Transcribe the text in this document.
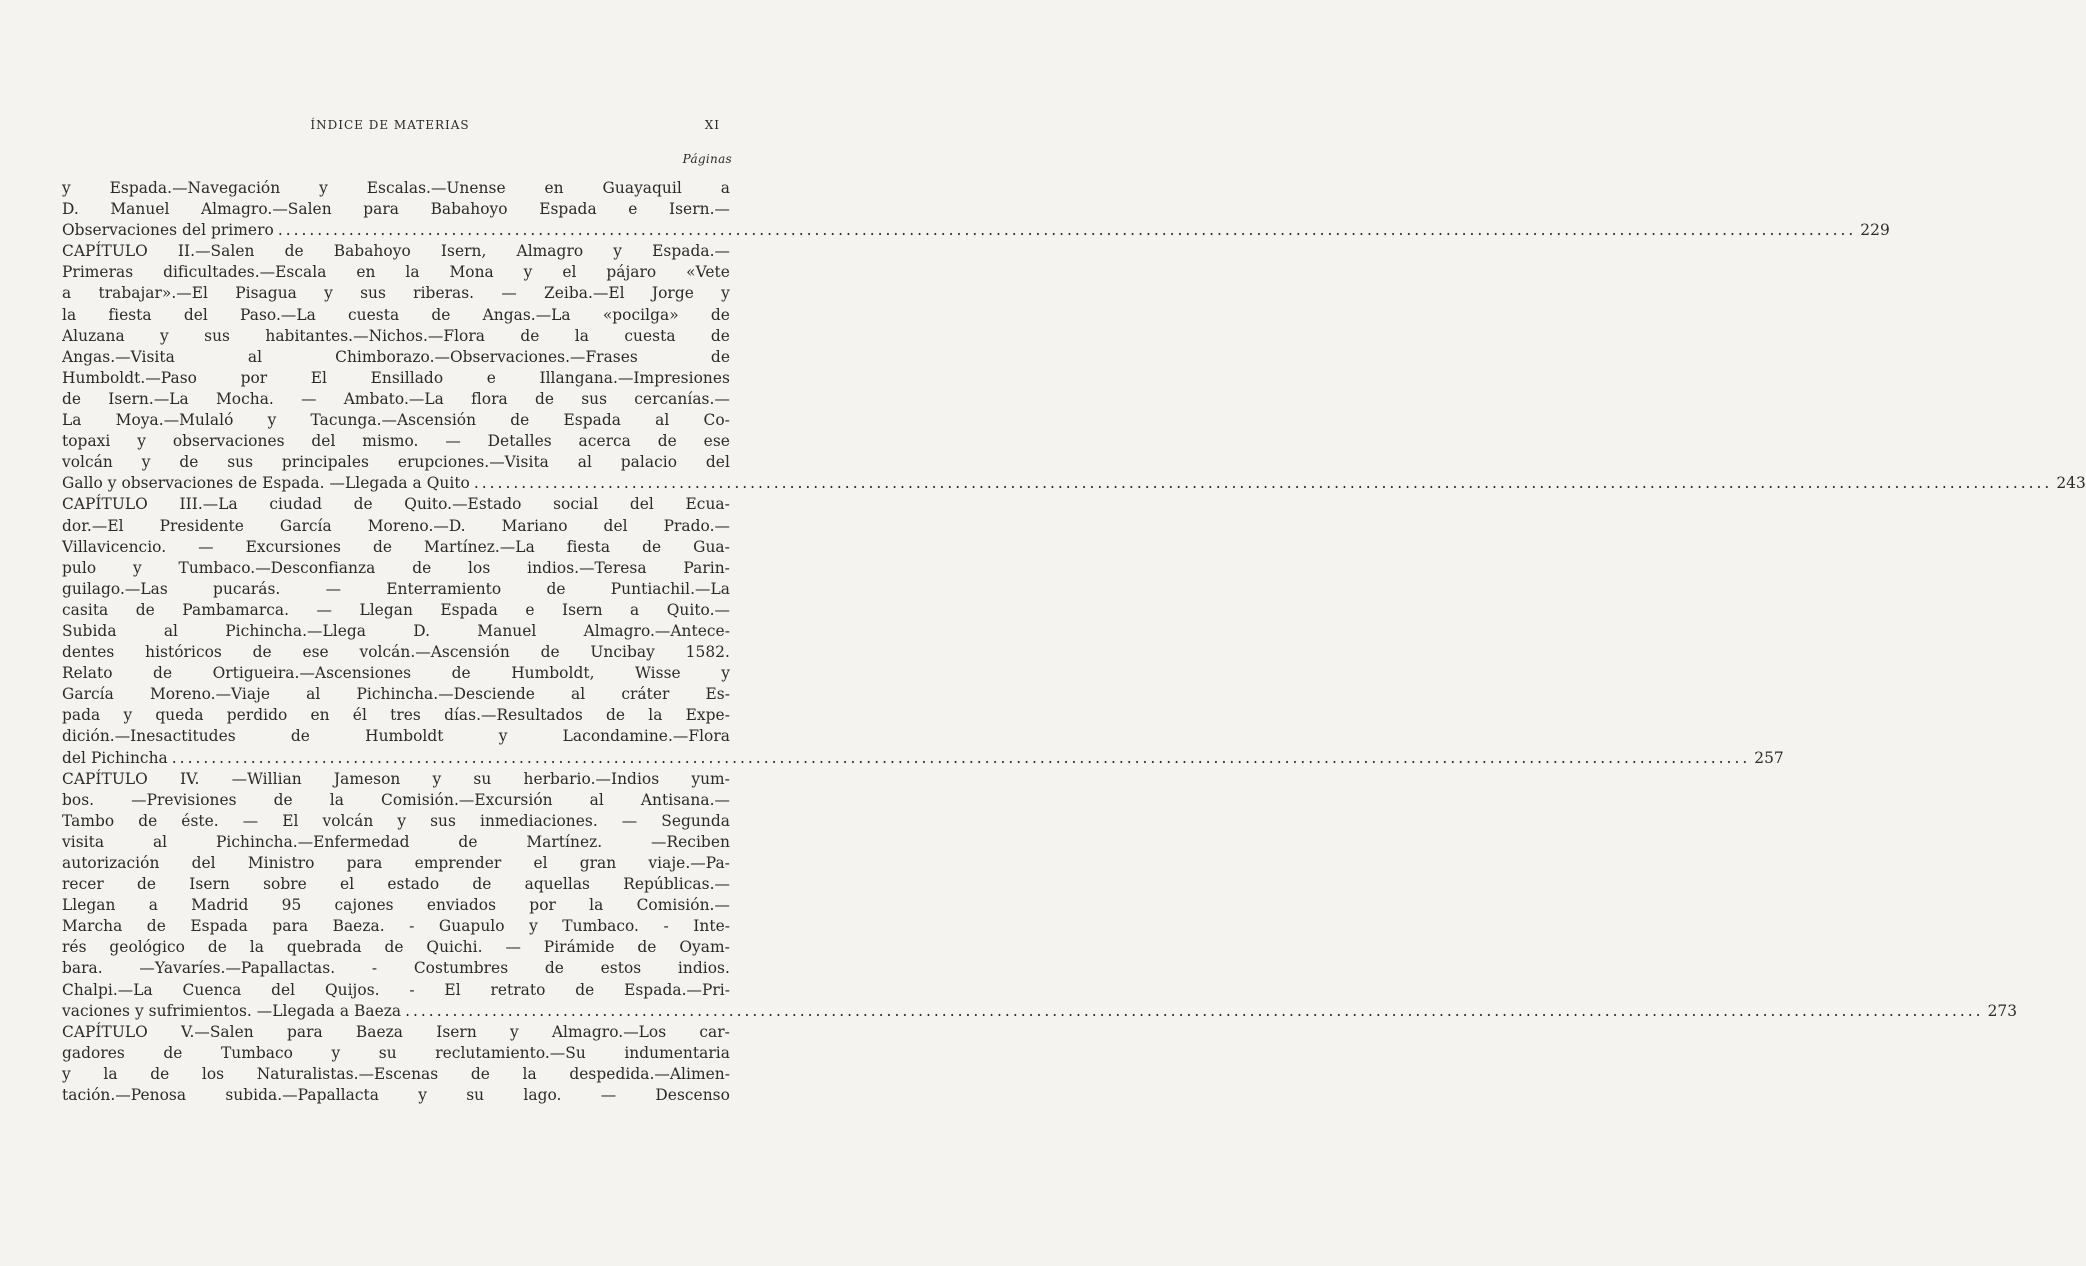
ÍNDICE DE MATERIAS	XI
Páginas
y	Espada.—Navegación	y	Escalas.—Unense	en	Guayaquil	a
D. Manuel Almagro.—Salen para Babahoyo Espada e Isern.—
Observaciones del primero ........................................................................................................................................................................................................ 229
CAPÍTULO II.—Salen de Babahoyo Isern, Almagro y Espada.—
Primeras dificultades.—Escala en la Mona y el pájaro «Vete
a trabajar».—El Pisagua y sus riberas. — Zeiba.—El Jorge y
la fiesta del Paso.—La cuesta de Angas.—La «pocilga» de
Aluzana y sus habitantes.—Nichos.—Flora de la cuesta de
Angas.—Visita	al	Chimborazo.—Observaciones.—Frases	de
Humboldt.—Paso	por	El	Ensillado	e	Illangana.—Impresiones
de Isern.—La Mocha. — Ambato.—La flora de sus cercanías.—
La Moya.—Mulaló y Tacunga.—Ascensión de Espada al Co-
topaxi y observaciones del mismo. — Detalles acerca de ese
volcán y de sus principales erupciones.—Visita al palacio del
Gallo y observaciones de Espada. —Llegada a Quito ........................................................................................................................................................................................................ 243
CAPÍTULO III.—La ciudad de Quito.—Estado social del Ecua-
dor.—El Presidente García Moreno.—D. Mariano del Prado.—
Villavicencio. — Excursiones de Martínez.—La fiesta de Gua-
pulo y Tumbaco.—Desconfianza de los indios.—Teresa Parin-
guilago.—Las	pucarás.	—	Enterramiento	de	Puntiachil.—La
casita de Pambamarca. — Llegan Espada e Isern a Quito.—
Subida	al	Pichincha.—Llega	D.	Manuel	Almagro.—Antece-
dentes históricos de ese volcán.—Ascensión de Uncibay 1582.
Relato	de	Ortigueira.—Ascensiones	de	Humboldt,	Wisse	y
García Moreno.—Viaje al Pichincha.—Desciende al cráter Es-
pada y queda perdido en él tres días.—Resultados de la Expe-
dición.—Inesactitudes	de	Humboldt	y	Lacondamine.—Flora
del Pichincha ........................................................................................................................................................................................................ 257
CAPÍTULO IV. —Willian Jameson y su herbario.—Indios yum-
bos. —Previsiones de la Comisión.—Excursión al Antisana.—
Tambo de éste. — El volcán y sus inmediaciones. — Segunda
visita	al	Pichincha.—Enfermedad	de	Martínez.	—Reciben
autorización del Ministro para emprender el gran viaje.—Pa-
recer de Isern sobre el estado de aquellas Repúblicas.—
Llegan a Madrid 95 cajones enviados por la Comisión.—
Marcha de Espada para Baeza. - Guapulo y Tumbaco. - Inte-
rés geológico de la quebrada de Quichi. — Pirámide de Oyam-
bara. —Yavaríes.—Papallactas. - Costumbres de estos indios.
Chalpi.—La Cuenca del Quijos. - El retrato de Espada.—Pri-
vaciones y sufrimientos. —Llegada a Baeza ........................................................................................................................................................................................................ 273
CAPÍTULO V.—Salen para Baeza Isern y Almagro.—Los car-
gadores	de	Tumbaco	y	su	reclutamiento.—Su	indumentaria
y la de los Naturalistas.—Escenas de la despedida.—Alimen-
tación.—Penosa	subida.—Papallacta	y	su	lago.	—	Descenso
